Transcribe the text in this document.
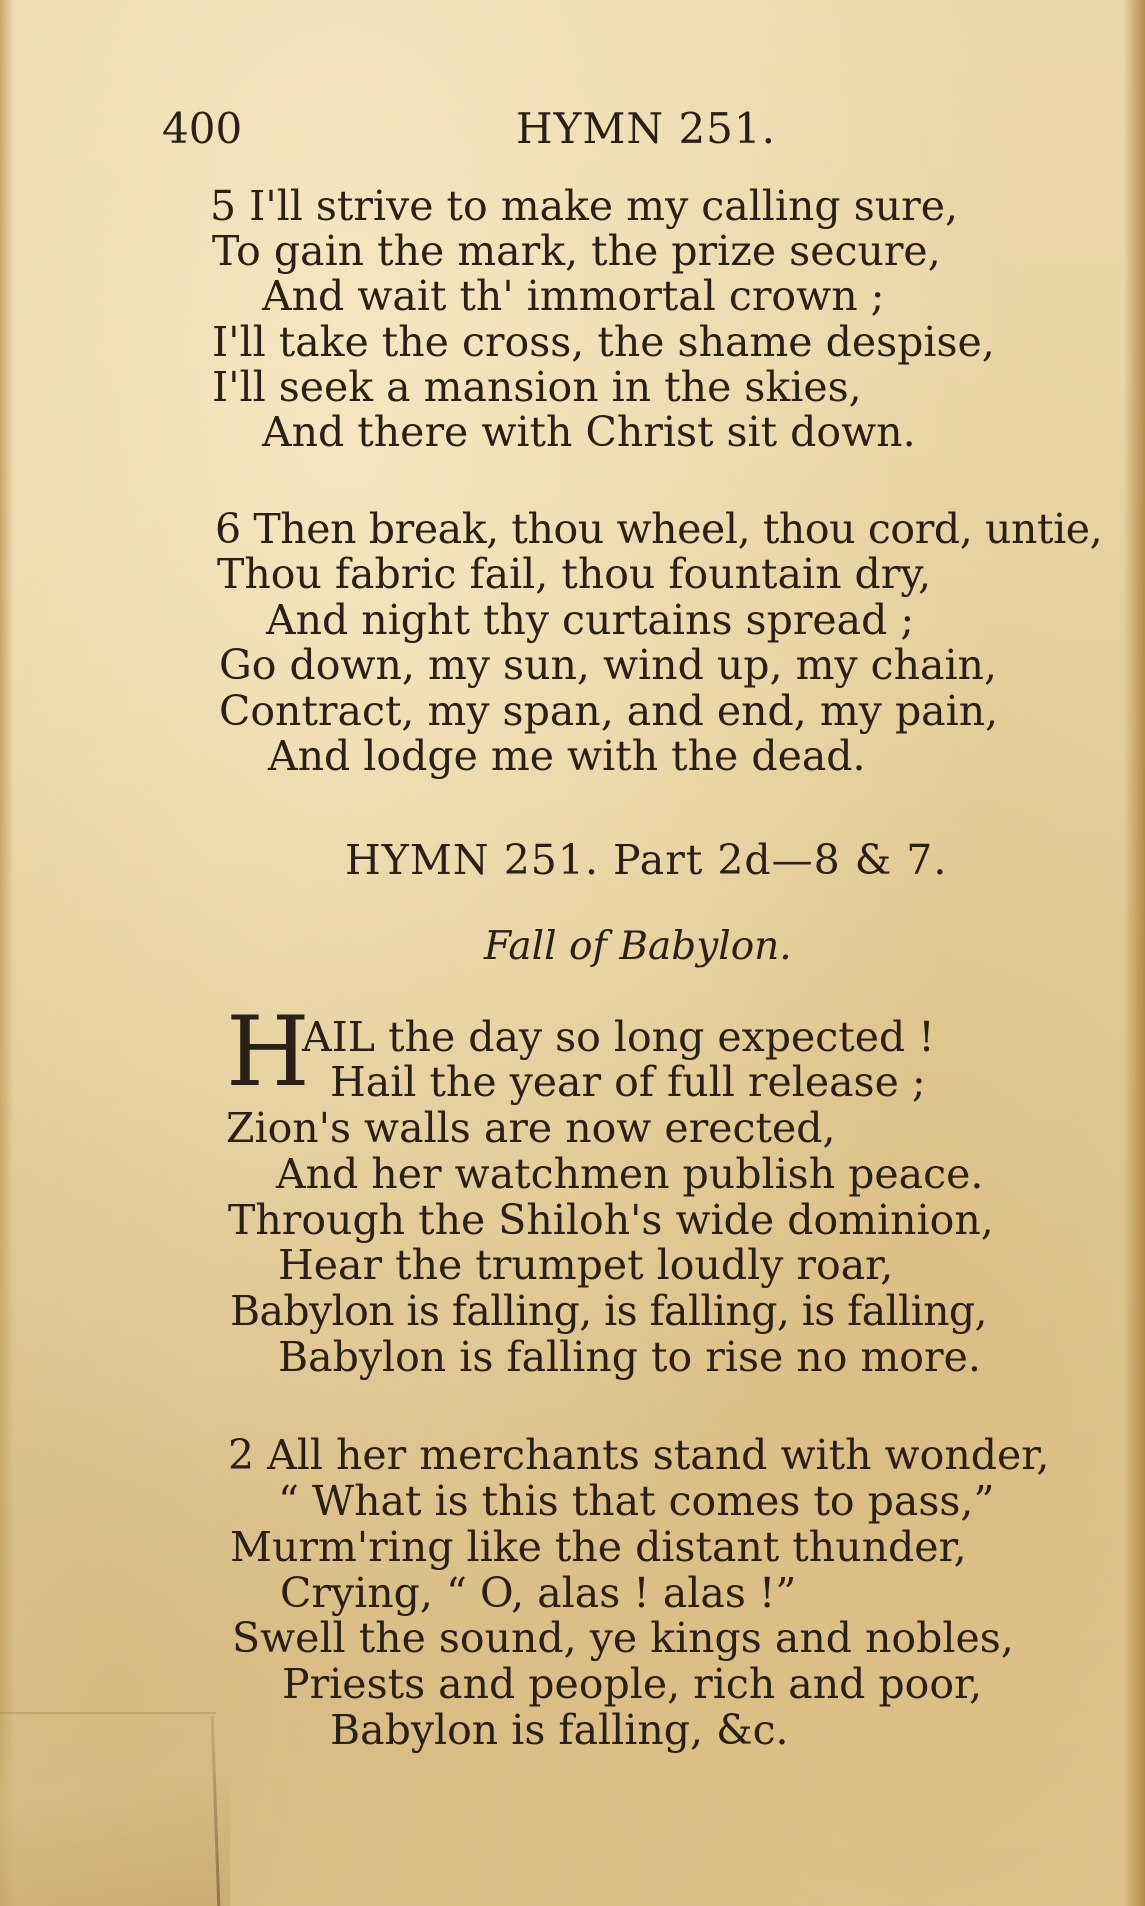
400	HYMN 251.
5 I'll strive to make my calling sure,
To gain the mark, the prize secure,
And wait th' immortal crown ;
I'll take the cross, the shame despise,
I'll seek a mansion in the skies,
And there with Christ sit down.
6 Then break, thou wheel, thou cord, untie,
Thou fabric fail, thou fountain dry,
And night thy curtains spread ;
Go down, my sun, wind up, my chain,
Contract, my span, and end, my pain,
And lodge me with the dead.
HYMN 251. Part 2d—8 & 7.
Fall of Babylon.
H
AIL the day so long expected !
Hail the year of full release ;
Zion's walls are now erected,
And her watchmen publish peace.
Through the Shiloh's wide dominion,
Hear the trumpet loudly roar,
Babylon is falling, is falling, is falling,
Babylon is falling to rise no more.
2 All her merchants stand with wonder,
“ What is this that comes to pass,”
Murm'ring like the distant thunder,
Crying, “ O, alas ! alas !”
Swell the sound, ye kings and nobles,
Priests and people, rich and poor,
Babylon is falling, &c.
